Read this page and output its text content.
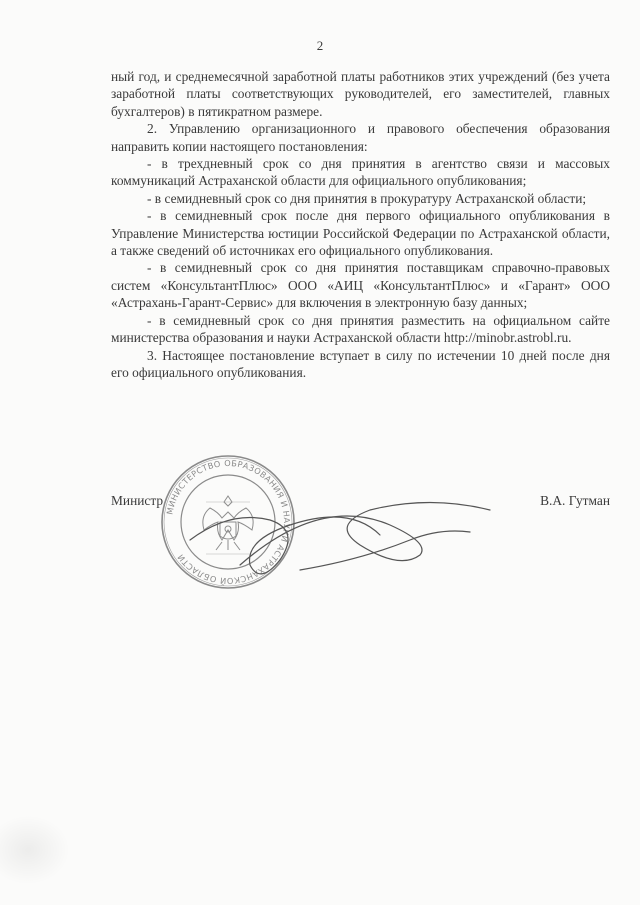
2

ный год, и среднемесячной заработной платы работников этих учреждений (без учета заработной платы соответствующих руководителей, его заместителей, главных бухгалтеров) в пятикратном размере.

2. Управлению организационного и правового обеспечения образования направить копии настоящего постановления:

- в трехдневный срок со дня принятия в агентство связи и массовых коммуникаций Астраханской области для официального опубликования;

- в семидневный срок со дня принятия в прокуратуру Астраханской области;

- в семидневный срок после дня первого официального опубликования в Управление Министерства юстиции Российской Федерации по Астраханской области, а также сведений об источниках его официального опубликования.

- в семидневный срок со дня принятия поставщикам справочно-правовых систем «КонсультантПлюс» ООО «АИЦ «КонсультантПлюс» и «Гарант» ООО «Астрахань-Гарант-Сервис» для включения в электронную базу данных;

- в семидневный срок со дня принятия разместить на официальном сайте министерства образования и науки Астраханской области http://minobr.astrobl.ru.

3. Настоящее постановление вступает в силу по истечении 10 дней после дня его официального опубликования.

Министр	В.А. Гутман
МИНИСТЕРСТВО ОБРАЗОВАНИЯ И НАУКИ АСТРАХАНСКОЙ ОБЛАСТИ
